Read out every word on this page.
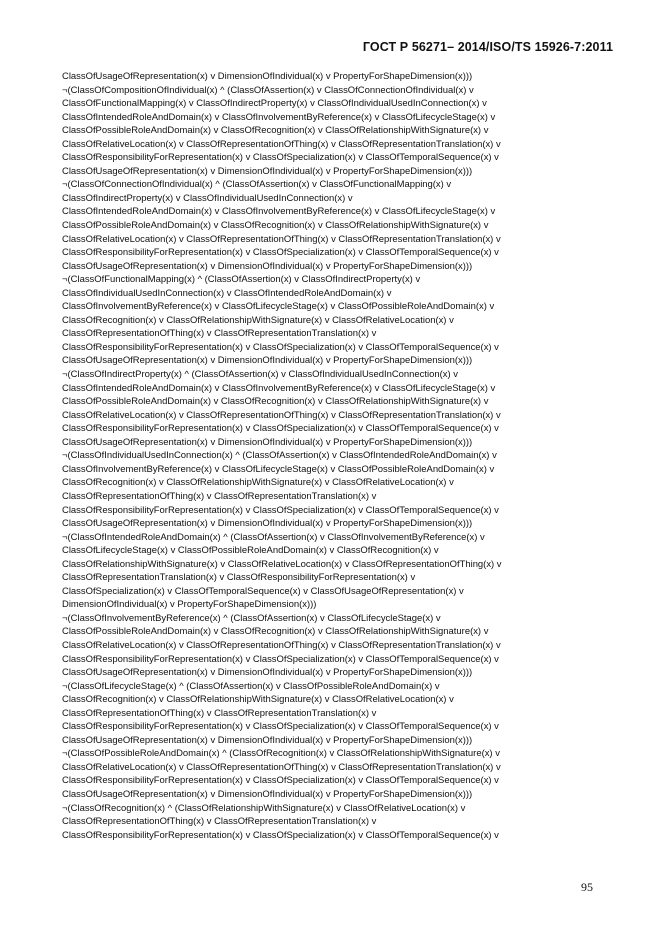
ГОСТ Р 56271– 2014/ISO/TS 15926-7:2011
ClassOfUsageOfRepresentation(x) v DimensionOfIndividual(x) v PropertyForShapeDimension(x)))
¬(ClassOfCompositionOfIndividual(x) ^ (ClassOfAssertion(x) v ClassOfConnectionOfIndividual(x) v
ClassOfFunctionalMapping(x) v ClassOfIndirectProperty(x) v ClassOfIndividualUsedInConnection(x) v
ClassOfIntendedRoleAndDomain(x) v ClassOfInvolvementByReference(x) v ClassOfLifecycleStage(x) v
ClassOfPossibleRoleAndDomain(x) v ClassOfRecognition(x) v ClassOfRelationshipWithSignature(x) v
ClassOfRelativeLocation(x) v ClassOfRepresentationOfThing(x) v ClassOfRepresentationTranslation(x) v
ClassOfResponsibilityForRepresentation(x) v ClassOfSpecialization(x) v ClassOfTemporalSequence(x) v
ClassOfUsageOfRepresentation(x) v DimensionOfIndividual(x) v PropertyForShapeDimension(x)))
¬(ClassOfConnectionOfIndividual(x) ^ (ClassOfAssertion(x) v ClassOfFunctionalMapping(x) v
ClassOfIndirectProperty(x) v ClassOfIndividualUsedInConnection(x) v
ClassOfIntendedRoleAndDomain(x) v ClassOfInvolvementByReference(x) v ClassOfLifecycleStage(x) v
ClassOfPossibleRoleAndDomain(x) v ClassOfRecognition(x) v ClassOfRelationshipWithSignature(x) v
ClassOfRelativeLocation(x) v ClassOfRepresentationOfThing(x) v ClassOfRepresentationTranslation(x) v
ClassOfResponsibilityForRepresentation(x) v ClassOfSpecialization(x) v ClassOfTemporalSequence(x) v
ClassOfUsageOfRepresentation(x) v DimensionOfIndividual(x) v PropertyForShapeDimension(x)))
¬(ClassOfFunctionalMapping(x) ^ (ClassOfAssertion(x) v ClassOfIndirectProperty(x) v
ClassOfIndividualUsedInConnection(x) v ClassOfIntendedRoleAndDomain(x) v
ClassOfInvolvementByReference(x) v ClassOfLifecycleStage(x) v ClassOfPossibleRoleAndDomain(x) v
ClassOfRecognition(x) v ClassOfRelationshipWithSignature(x) v ClassOfRelativeLocation(x) v
ClassOfRepresentationOfThing(x) v ClassOfRepresentationTranslation(x) v
ClassOfResponsibilityForRepresentation(x) v ClassOfSpecialization(x) v ClassOfTemporalSequence(x) v
ClassOfUsageOfRepresentation(x) v DimensionOfIndividual(x) v PropertyForShapeDimension(x)))
¬(ClassOfIndirectProperty(x) ^ (ClassOfAssertion(x) v ClassOfIndividualUsedInConnection(x) v
ClassOfIntendedRoleAndDomain(x) v ClassOfInvolvementByReference(x) v ClassOfLifecycleStage(x) v
ClassOfPossibleRoleAndDomain(x) v ClassOfRecognition(x) v ClassOfRelationshipWithSignature(x) v
ClassOfRelativeLocation(x) v ClassOfRepresentationOfThing(x) v ClassOfRepresentationTranslation(x) v
ClassOfResponsibilityForRepresentation(x) v ClassOfSpecialization(x) v ClassOfTemporalSequence(x) v
ClassOfUsageOfRepresentation(x) v DimensionOfIndividual(x) v PropertyForShapeDimension(x)))
¬(ClassOfIndividualUsedInConnection(x) ^ (ClassOfAssertion(x) v ClassOfIntendedRoleAndDomain(x) v
ClassOfInvolvementByReference(x) v ClassOfLifecycleStage(x) v ClassOfPossibleRoleAndDomain(x) v
ClassOfRecognition(x) v ClassOfRelationshipWithSignature(x) v ClassOfRelativeLocation(x) v
ClassOfRepresentationOfThing(x) v ClassOfRepresentationTranslation(x) v
ClassOfResponsibilityForRepresentation(x) v ClassOfSpecialization(x) v ClassOfTemporalSequence(x) v
ClassOfUsageOfRepresentation(x) v DimensionOfIndividual(x) v PropertyForShapeDimension(x)))
¬(ClassOfIntendedRoleAndDomain(x) ^ (ClassOfAssertion(x) v ClassOfInvolvementByReference(x) v
ClassOfLifecycleStage(x) v ClassOfPossibleRoleAndDomain(x) v ClassOfRecognition(x) v
ClassOfRelationshipWithSignature(x) v ClassOfRelativeLocation(x) v ClassOfRepresentationOfThing(x) v
ClassOfRepresentationTranslation(x) v ClassOfResponsibilityForRepresentation(x) v
ClassOfSpecialization(x) v ClassOfTemporalSequence(x) v ClassOfUsageOfRepresentation(x) v
DimensionOfIndividual(x) v PropertyForShapeDimension(x)))
¬(ClassOfInvolvementByReference(x) ^ (ClassOfAssertion(x) v ClassOfLifecycleStage(x) v
ClassOfPossibleRoleAndDomain(x) v ClassOfRecognition(x) v ClassOfRelationshipWithSignature(x) v
ClassOfRelativeLocation(x) v ClassOfRepresentationOfThing(x) v ClassOfRepresentationTranslation(x) v
ClassOfResponsibilityForRepresentation(x) v ClassOfSpecialization(x) v ClassOfTemporalSequence(x) v
ClassOfUsageOfRepresentation(x) v DimensionOfIndividual(x) v PropertyForShapeDimension(x)))
¬(ClassOfLifecycleStage(x) ^ (ClassOfAssertion(x) v ClassOfPossibleRoleAndDomain(x) v
ClassOfRecognition(x) v ClassOfRelationshipWithSignature(x) v ClassOfRelativeLocation(x) v
ClassOfRepresentationOfThing(x) v ClassOfRepresentationTranslation(x) v
ClassOfResponsibilityForRepresentation(x) v ClassOfSpecialization(x) v ClassOfTemporalSequence(x) v
ClassOfUsageOfRepresentation(x) v DimensionOfIndividual(x) v PropertyForShapeDimension(x)))
¬(ClassOfPossibleRoleAndDomain(x) ^ (ClassOfRecognition(x) v ClassOfRelationshipWithSignature(x) v
ClassOfRelativeLocation(x) v ClassOfRepresentationOfThing(x) v ClassOfRepresentationTranslation(x) v
ClassOfResponsibilityForRepresentation(x) v ClassOfSpecialization(x) v ClassOfTemporalSequence(x) v
ClassOfUsageOfRepresentation(x) v DimensionOfIndividual(x) v PropertyForShapeDimension(x)))
¬(ClassOfRecognition(x) ^ (ClassOfRelationshipWithSignature(x) v ClassOfRelativeLocation(x) v
ClassOfRepresentationOfThing(x) v ClassOfRepresentationTranslation(x) v
ClassOfResponsibilityForRepresentation(x) v ClassOfSpecialization(x) v ClassOfTemporalSequence(x) v
95
